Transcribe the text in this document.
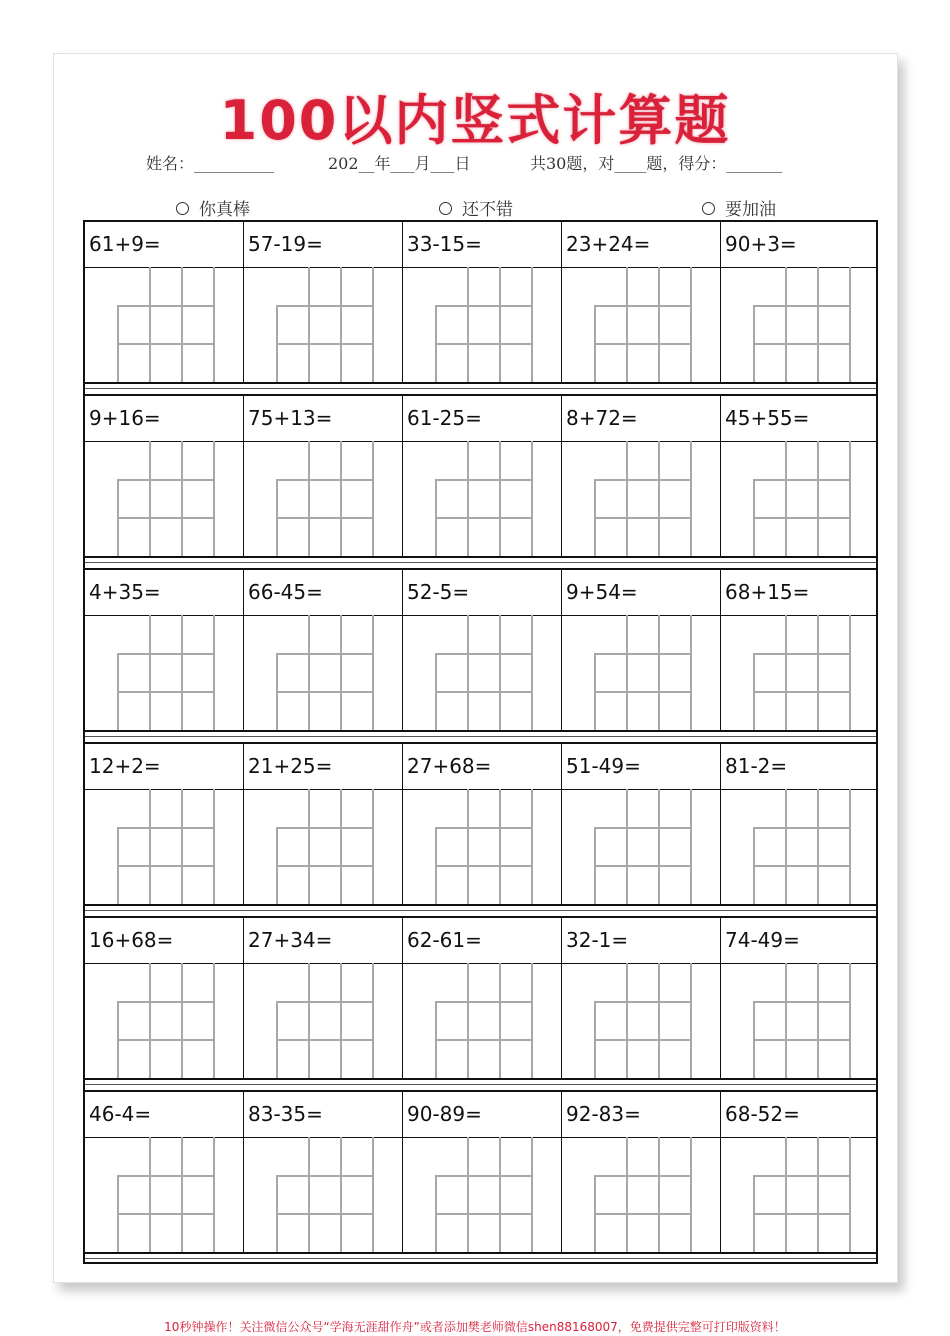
100以内竖式计算题
姓名：__________	202__年___月___日	共30题，对____题，得分：_______
你真棒	还不错	要加油
61+9=	57-19=	33-15=	23+24=	90+3=
9+16=	75+13=	61-25=	8+72=	45+55=
4+35=	66-45=	52-5=	9+54=	68+15=
12+2=	21+25=	27+68=	51-49=	81-2=
16+68=	27+34=	62-61=	32-1=	74-49=
46-4=	83-35=	90-89=	92-83=	68-52=
10秒钟操作！关注微信公众号“学海无涯甜作舟”或者添加樊老师微信shen88168007，免费提供完整可打印版资料！
